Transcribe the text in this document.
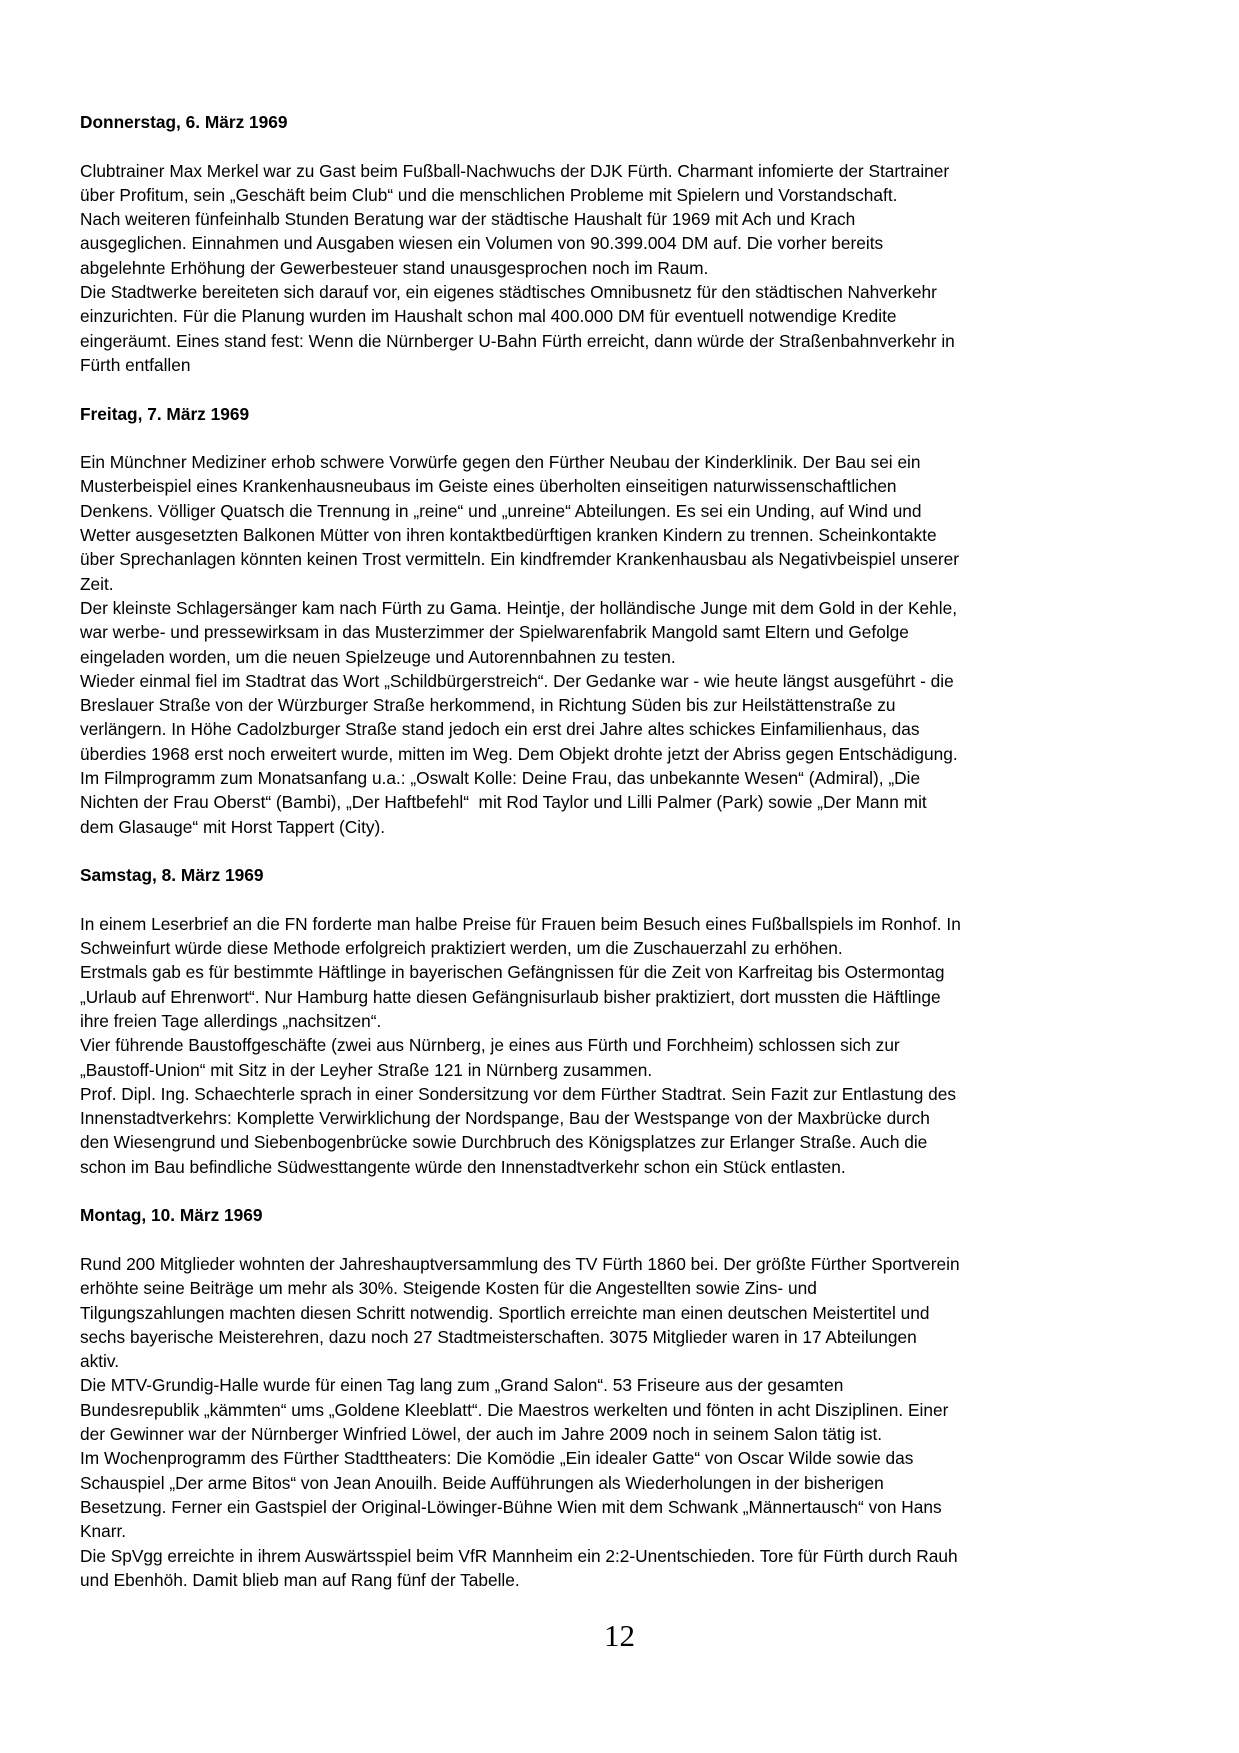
Donnerstag, 6. März 1969
Clubtrainer Max Merkel war zu Gast beim Fußball-Nachwuchs der DJK Fürth. Charmant infomierte der Startrainer
über Profitum, sein „Geschäft beim Club“ und die menschlichen Probleme mit Spielern und Vorstandschaft.
Nach weiteren fünfeinhalb Stunden Beratung war der städtische Haushalt für 1969 mit Ach und Krach
ausgeglichen. Einnahmen und Ausgaben wiesen ein Volumen von 90.399.004 DM auf. Die vorher bereits
abgelehnte Erhöhung der Gewerbesteuer stand unausgesprochen noch im Raum.
Die Stadtwerke bereiteten sich darauf vor, ein eigenes städtisches Omnibusnetz für den städtischen Nahverkehr
einzurichten. Für die Planung wurden im Haushalt schon mal 400.000 DM für eventuell notwendige Kredite
eingeräumt. Eines stand fest: Wenn die Nürnberger U-Bahn Fürth erreicht, dann würde der Straßenbahnverkehr in
Fürth entfallen
Freitag, 7. März 1969
Ein Münchner Mediziner erhob schwere Vorwürfe gegen den Fürther Neubau der Kinderklinik. Der Bau sei ein
Musterbeispiel eines Krankenhausneubaus im Geiste eines überholten einseitigen naturwissenschaftlichen
Denkens. Völliger Quatsch die Trennung in „reine“ und „unreine“ Abteilungen. Es sei ein Unding, auf Wind und
Wetter ausgesetzten Balkonen Mütter von ihren kontaktbedürftigen kranken Kindern zu trennen. Scheinkontakte
über Sprechanlagen könnten keinen Trost vermitteln. Ein kindfremder Krankenhausbau als Negativbeispiel unserer
Zeit.
Der kleinste Schlagersänger kam nach Fürth zu Gama. Heintje, der holländische Junge mit dem Gold in der Kehle,
war werbe- und pressewirksam in das Musterzimmer der Spielwarenfabrik Mangold samt Eltern und Gefolge
eingeladen worden, um die neuen Spielzeuge und Autorennbahnen zu testen.
Wieder einmal fiel im Stadtrat das Wort „Schildbürgerstreich“. Der Gedanke war - wie heute längst ausgeführt - die
Breslauer Straße von der Würzburger Straße herkommend, in Richtung Süden bis zur Heilstättenstraße zu
verlängern. In Höhe Cadolzburger Straße stand jedoch ein erst drei Jahre altes schickes Einfamilienhaus, das
überdies 1968 erst noch erweitert wurde, mitten im Weg. Dem Objekt drohte jetzt der Abriss gegen Entschädigung.
Im Filmprogramm zum Monatsanfang u.a.: „Oswalt Kolle: Deine Frau, das unbekannte Wesen“ (Admiral), „Die
Nichten der Frau Oberst“ (Bambi), „Der Haftbefehl“  mit Rod Taylor und Lilli Palmer (Park) sowie „Der Mann mit
dem Glasauge“ mit Horst Tappert (City).
Samstag, 8. März 1969
In einem Leserbrief an die FN forderte man halbe Preise für Frauen beim Besuch eines Fußballspiels im Ronhof. In
Schweinfurt würde diese Methode erfolgreich praktiziert werden, um die Zuschauerzahl zu erhöhen.
Erstmals gab es für bestimmte Häftlinge in bayerischen Gefängnissen für die Zeit von Karfreitag bis Ostermontag
„Urlaub auf Ehrenwort“. Nur Hamburg hatte diesen Gefängnisurlaub bisher praktiziert, dort mussten die Häftlinge
ihre freien Tage allerdings „nachsitzen“.
Vier führende Baustoffgeschäfte (zwei aus Nürnberg, je eines aus Fürth und Forchheim) schlossen sich zur
„Baustoff-Union“ mit Sitz in der Leyher Straße 121 in Nürnberg zusammen.
Prof. Dipl. Ing. Schaechterle sprach in einer Sondersitzung vor dem Fürther Stadtrat. Sein Fazit zur Entlastung des
Innenstadtverkehrs: Komplette Verwirklichung der Nordspange, Bau der Westspange von der Maxbrücke durch
den Wiesengrund und Siebenbogenbrücke sowie Durchbruch des Königsplatzes zur Erlanger Straße. Auch die
schon im Bau befindliche Südwesttangente würde den Innenstadtverkehr schon ein Stück entlasten.
Montag, 10. März 1969
Rund 200 Mitglieder wohnten der Jahreshauptversammlung des TV Fürth 1860 bei. Der größte Fürther Sportverein
erhöhte seine Beiträge um mehr als 30%. Steigende Kosten für die Angestellten sowie Zins- und
Tilgungszahlungen machten diesen Schritt notwendig. Sportlich erreichte man einen deutschen Meistertitel und
sechs bayerische Meisterehren, dazu noch 27 Stadtmeisterschaften. 3075 Mitglieder waren in 17 Abteilungen
aktiv.
Die MTV-Grundig-Halle wurde für einen Tag lang zum „Grand Salon“. 53 Friseure aus der gesamten
Bundesrepublik „kämmten“ ums „Goldene Kleeblatt“. Die Maestros werkelten und fönten in acht Disziplinen. Einer
der Gewinner war der Nürnberger Winfried Löwel, der auch im Jahre 2009 noch in seinem Salon tätig ist.
Im Wochenprogramm des Fürther Stadttheaters: Die Komödie „Ein idealer Gatte“ von Oscar Wilde sowie das
Schauspiel „Der arme Bitos“ von Jean Anouilh. Beide Aufführungen als Wiederholungen in der bisherigen
Besetzung. Ferner ein Gastspiel der Original-Löwinger-Bühne Wien mit dem Schwank „Männertausch“ von Hans
Knarr.
Die SpVgg erreichte in ihrem Auswärtsspiel beim VfR Mannheim ein 2:2-Unentschieden. Tore für Fürth durch Rauh
und Ebenhöh. Damit blieb man auf Rang fünf der Tabelle.
12
